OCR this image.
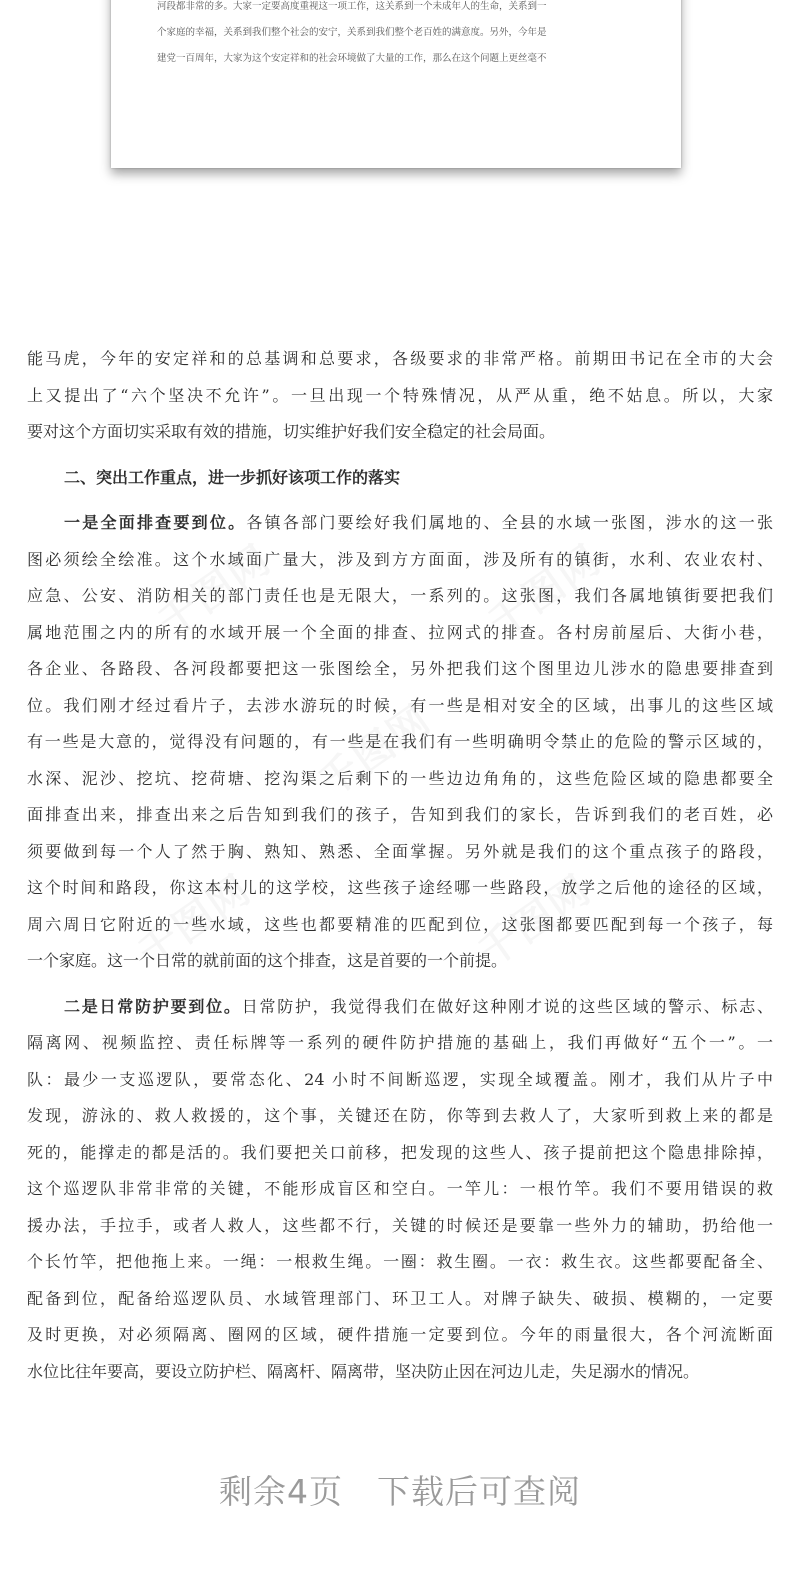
河段都非常的多。大家一定要高度重视这一项工作，这关系到一个未成年人的生命，关系到一

个家庭的幸福，关系到我们整个社会的安宁，关系到我们整个老百姓的满意度。另外，今年是

建党一百周年，大家为这个安定祥和的社会环境做了大量的工作，那么在这个问题上更丝毫不

千图网	千图网
千图网
千图网	千图网

能马虎，今年的安定祥和的总基调和总要求，各级要求的非常严格。前期田书记在全市的大会
上又提出了“六个坚决不允许”。一旦出现一个特殊情况，从严从重，绝不姑息。所以，大家
要对这个方面切实采取有效的措施，切实维护好我们安全稳定的社会局面。

二、突出工作重点，进一步抓好该项工作的落实

一是全面排查要到位。各镇各部门要绘好我们属地的、全县的水域一张图，涉水的这一张
图必须绘全绘准。这个水域面广量大，涉及到方方面面，涉及所有的镇街，水利、农业农村、
应急、公安、消防相关的部门责任也是无限大，一系列的。这张图，我们各属地镇街要把我们
属地范围之内的所有的水域开展一个全面的排查、拉网式的排查。各村房前屋后、大街小巷，
各企业、各路段、各河段都要把这一张图绘全，另外把我们这个图里边儿涉水的隐患要排查到
位。我们刚才经过看片子，去涉水游玩的时候，有一些是相对安全的区域，出事儿的这些区域
有一些是大意的，觉得没有问题的，有一些是在我们有一些明确明令禁止的危险的警示区域的，
水深、泥沙、挖坑、挖荷塘、挖沟渠之后剩下的一些边边角角的，这些危险区域的隐患都要全
面排查出来，排查出来之后告知到我们的孩子，告知到我们的家长，告诉到我们的老百姓，必
须要做到每一个人了然于胸、熟知、熟悉、全面掌握。另外就是我们的这个重点孩子的路段，
这个时间和路段，你这本村儿的这学校，这些孩子途经哪一些路段，放学之后他的途径的区域，
周六周日它附近的一些水域，这些也都要精准的匹配到位，这张图都要匹配到每一个孩子，每
一个家庭。这一个日常的就前面的这个排查，这是首要的一个前提。

二是日常防护要到位。日常防护，我觉得我们在做好这种刚才说的这些区域的警示、标志、
隔离网、视频监控、责任标牌等一系列的硬件防护措施的基础上，我们再做好“五个一”。一
队：最少一支巡逻队，要常态化、24 小时不间断巡逻，实现全域覆盖。刚才，我们从片子中
发现，游泳的、救人救援的，这个事，关键还在防，你等到去救人了，大家听到救上来的都是
死的，能撑走的都是活的。我们要把关口前移，把发现的这些人、孩子提前把这个隐患排除掉，
这个巡逻队非常非常的关键，不能形成盲区和空白。一竿儿：一根竹竿。我们不要用错误的救
援办法，手拉手，或者人救人，这些都不行，关键的时候还是要靠一些外力的辅助，扔给他一
个长竹竿，把他拖上来。一绳：一根救生绳。一圈：救生圈。一衣：救生衣。这些都要配备全、
配备到位，配备给巡逻队员、水域管理部门、环卫工人。对牌子缺失、破损、模糊的，一定要
及时更换，对必须隔离、圈网的区域，硬件措施一定要到位。今年的雨量很大，各个河流断面
水位比往年要高，要设立防护栏、隔离杆、隔离带，坚决防止因在河边儿走，失足溺水的情况。

剩余4页 下载后可查阅
